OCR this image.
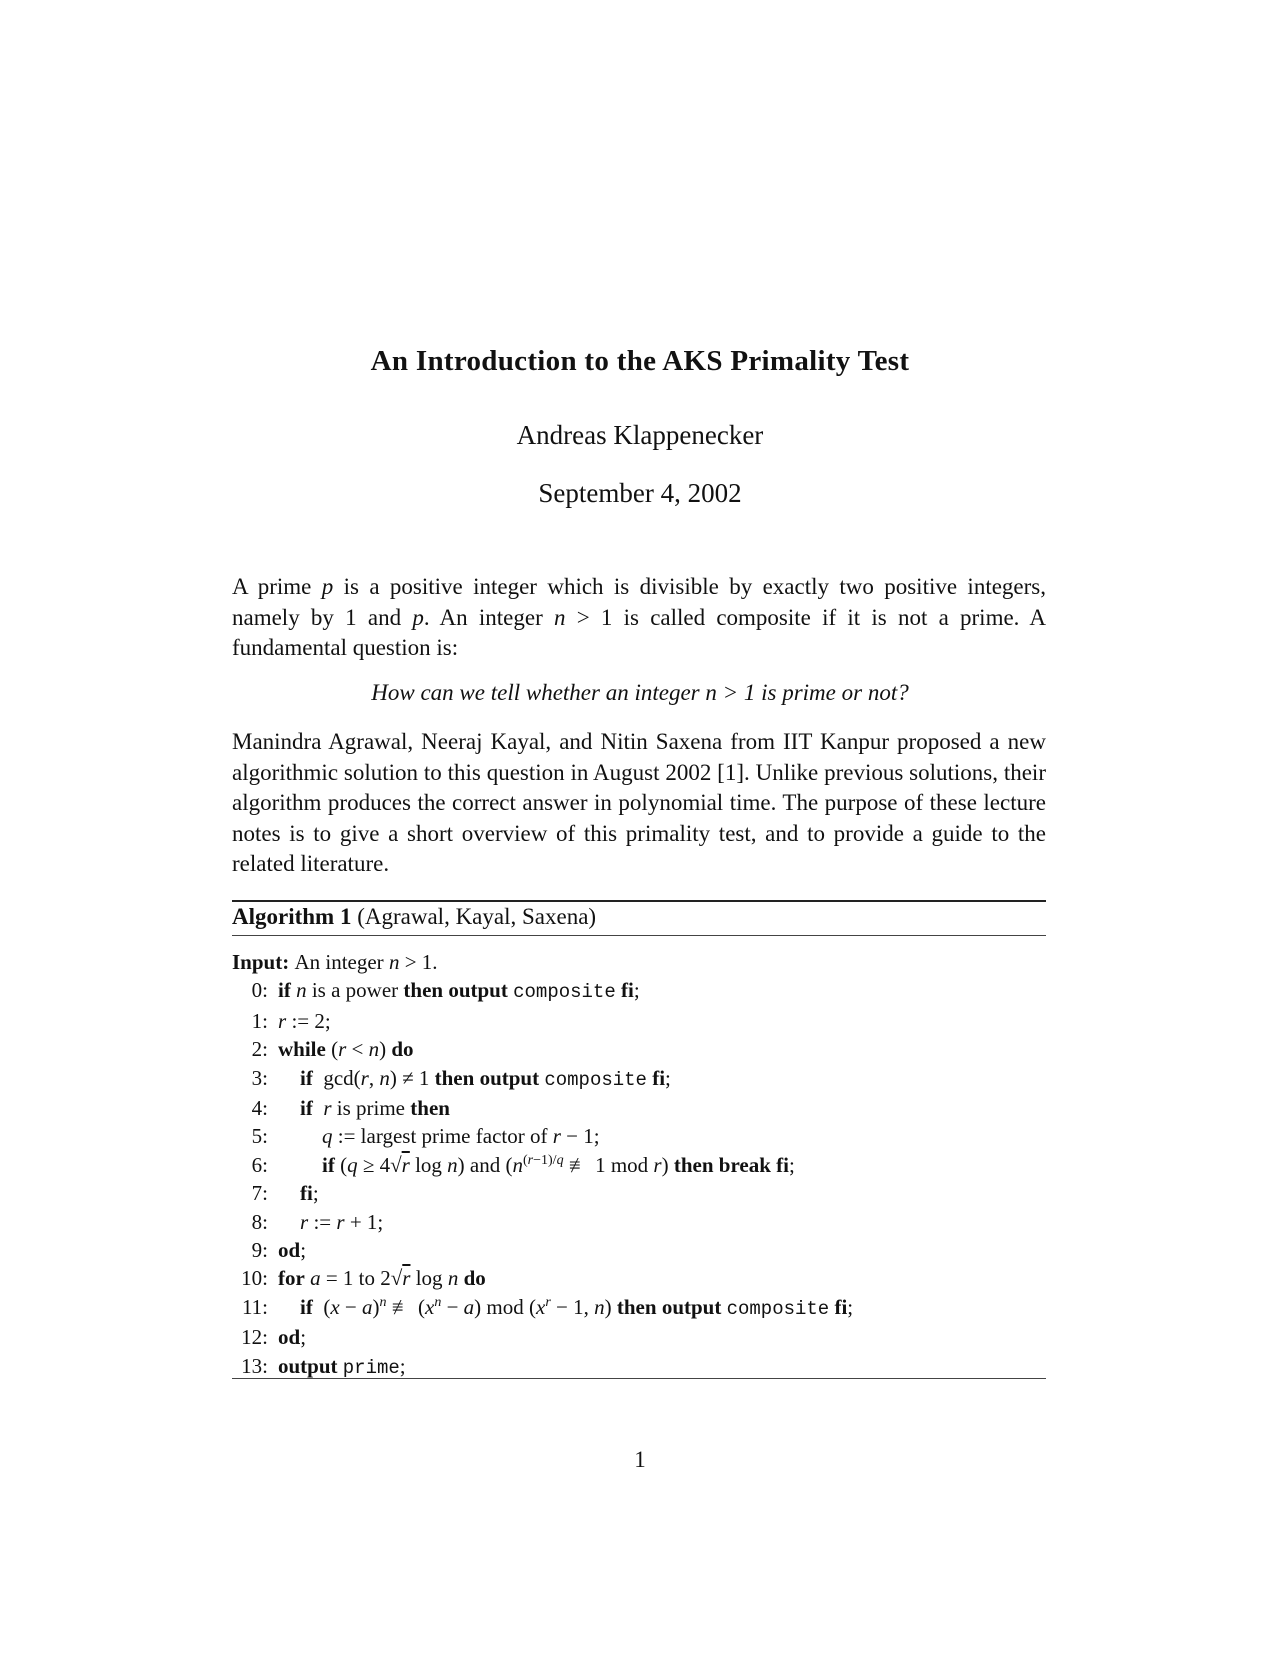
An Introduction to the AKS Primality Test
Andreas Klappenecker
September 4, 2002
A prime p is a positive integer which is divisible by exactly two positive integers, namely by 1 and p. An integer n > 1 is called composite if it is not a prime. A fundamental question is:
How can we tell whether an integer n > 1 is prime or not?
Manindra Agrawal, Neeraj Kayal, and Nitin Saxena from IIT Kanpur proposed a new algorithmic solution to this question in August 2002 [1]. Unlike previous solutions, their algorithm produces the correct answer in polynomial time. The purpose of these lecture notes is to give a short overview of this primality test, and to provide a guide to the related literature.
Algorithm 1 (Agrawal, Kayal, Saxena)
Input: An integer n > 1.
0: if n is a power then output composite fi;
1: r := 2;
2: while (r < n) do
3:	if  gcd(r, n) ≠ 1 then output composite fi;
4:	if r is prime then
5:	q := largest prime factor of r − 1;
6:	if (q ≥ 4√r log n) and ($n^{(r-1)/q}$ ≢ 1 mod r) then break fi;
7:	fi;
8:	r := r + 1;
9: od;
10: for a = 1 to 2√r log n do
11:	if  $(x - a)^n$ ≢ $(x^n - a)$ mod ($x^r - 1$, n) then output composite fi;
12: od;
13: output prime;
1
